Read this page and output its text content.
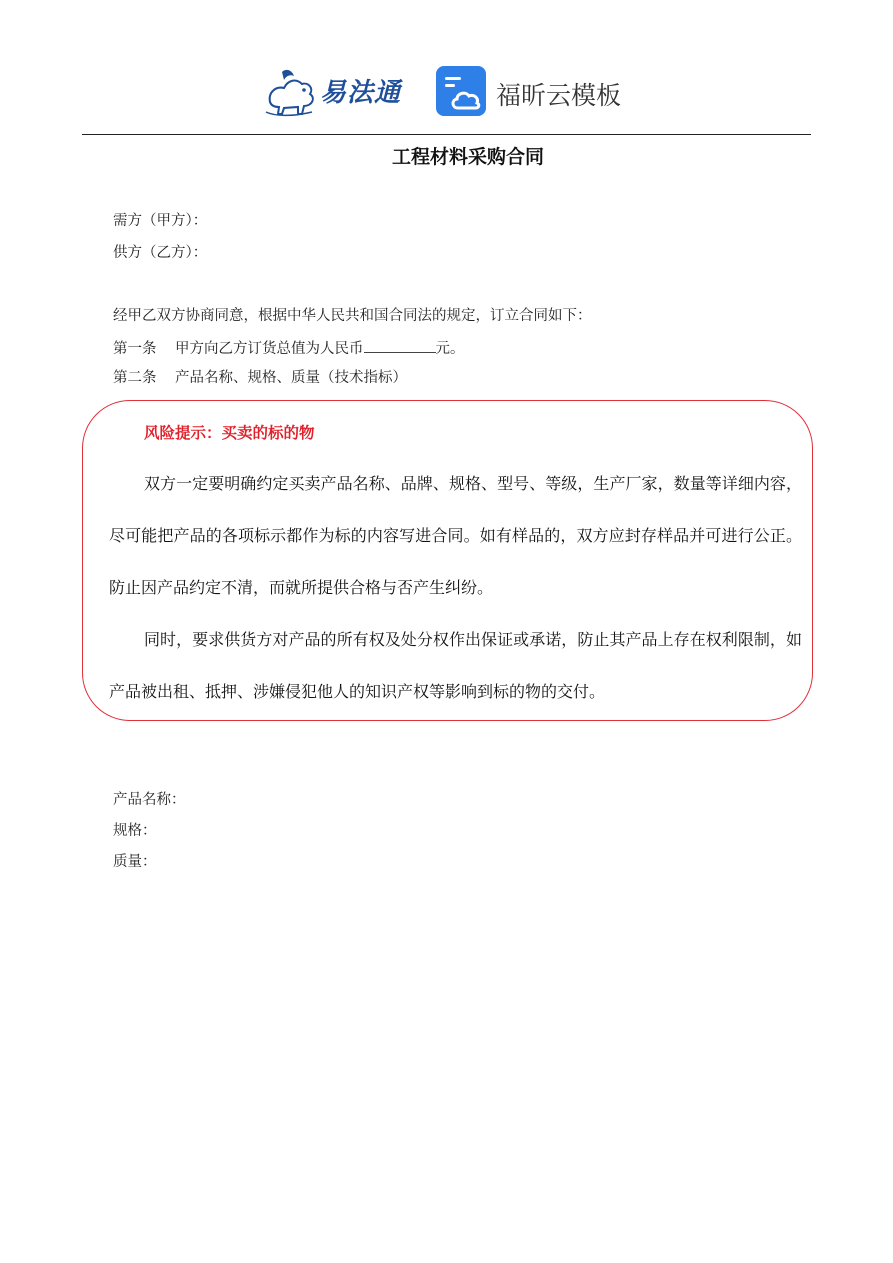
易法通	福昕云模板
工程材料采购合同
需方（甲方）：
供方（乙方）：
经甲乙双方协商同意，根据中华人民共和国合同法的规定，订立合同如下：
第一条 甲方向乙方订货总值为人民币	元。
第二条 产品名称、规格、质量（技术指标）
风险提示：买卖的标的物

双方一定要明确约定买卖产品名称、品牌、规格、型号、等级，生产厂家，数量等详细内容，尽可能把产品的各项标示都作为标的内容写进合同。如有样品的，双方应封存样品并可进行公正。防止因产品约定不清，而就所提供合格与否产生纠纷。

同时，要求供货方对产品的所有权及处分权作出保证或承诺，防止其产品上存在权利限制，如产品被出租、抵押、涉嫌侵犯他人的知识产权等影响到标的物的交付。

产品名称：
规格：
质量：
